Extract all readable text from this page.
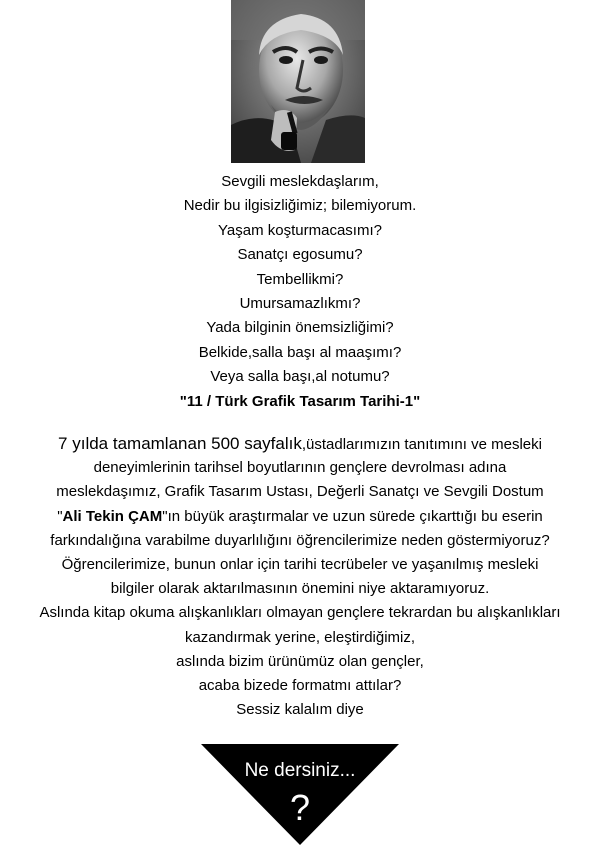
Sevgili meslekdaşlarım,
Nedir bu ilgisizliğimiz; bilemiyorum.
Yaşam koşturmacasımı?
Sanatçı egosumu?
Tembellikmi?
Umursamazlıkmı?
Yada bilginin önemsizliğimi?
Belkide,salla başı al maaşımı?
Veya salla başı,al notumu?
"11 / Türk Grafik Tasarım Tarihi-1"
7 yılda tamamlanan 500 sayfalık,üstadlarımızın tanıtımını ve mesleki
deneyimlerinin tarihsel boyutlarının gençlere devrolması adına
meslekdaşımız, Grafik Tasarım Ustası, Değerli Sanatçı ve Sevgili Dostum
"Ali Tekin ÇAM"ın büyük araştırmalar ve uzun sürede çıkarttığı bu eserin
farkındalığına varabilme duyarlılığını öğrencilerimize neden göstermiyoruz?
Öğrencilerimize, bunun onlar için tarihi tecrübeler ve yaşanılmış mesleki
bilgiler olarak aktarılmasının önemini niye aktaramıyoruz.
Aslında kitap okuma alışkanlıkları olmayan gençlere tekrardan bu alışkanlıkları
kazandırmak yerine, eleştirdiğimiz,
aslında bizim ürünümüz olan gençler,
acaba bizede formatmı attılar?
Sessiz kalalım diye
Ne dersiniz...
?
